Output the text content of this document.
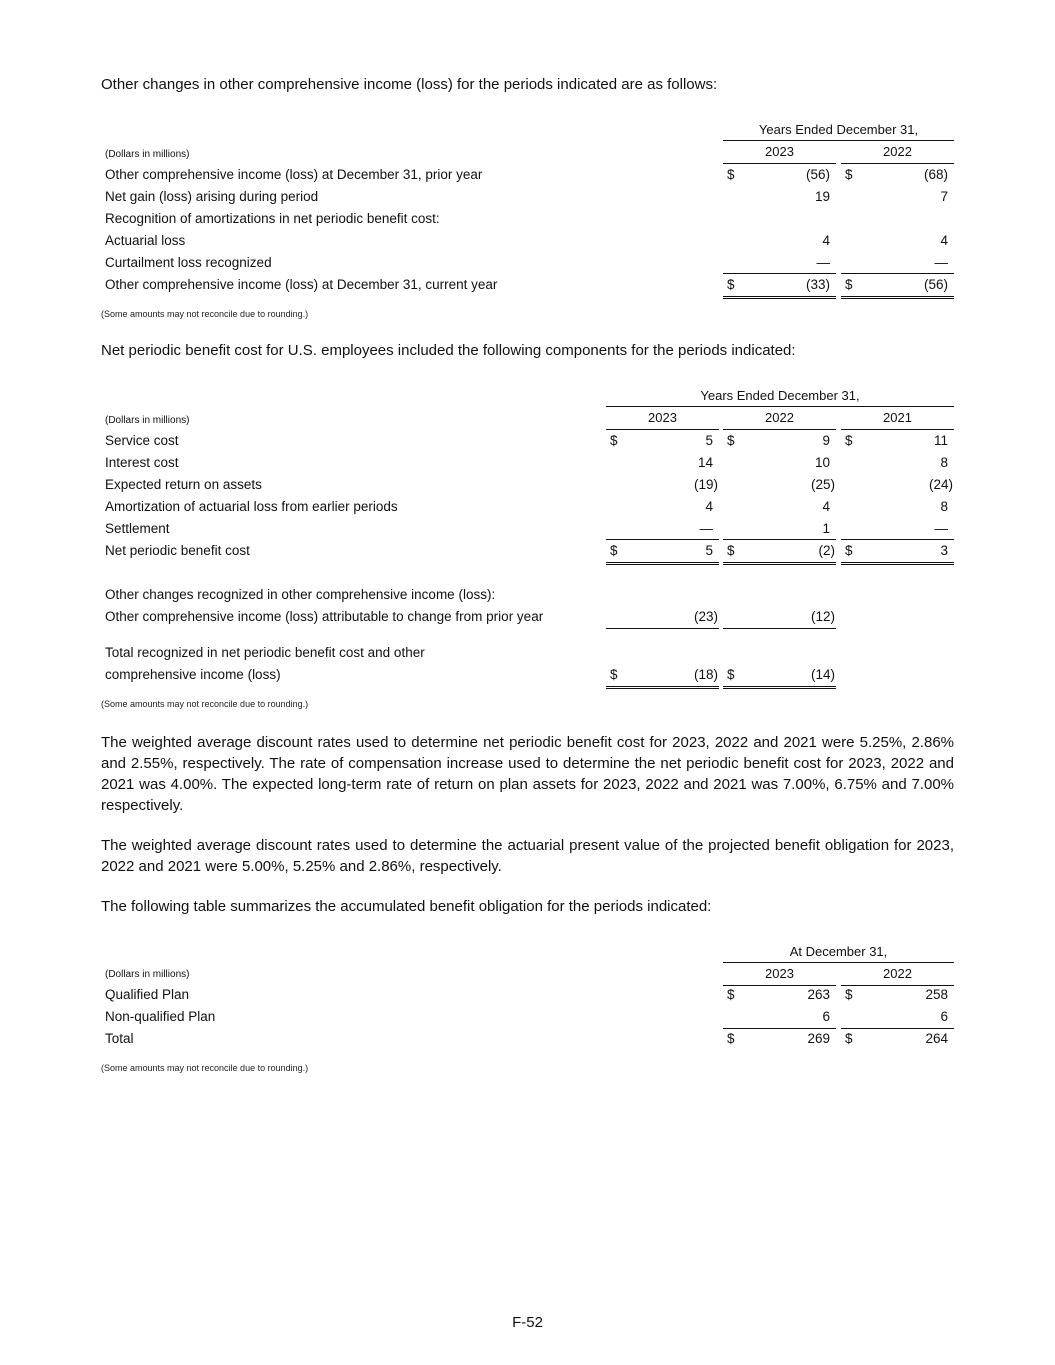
Other changes in other comprehensive income (loss) for the periods indicated are as follows:
Years Ended December 31,
(Dollars in millions)	2023	2022
Other comprehensive income (loss) at December 31, prior year	$	(56) $	(68)
Net gain (loss) arising during period	19	7
Recognition of amortizations in net periodic benefit cost:
Actuarial loss	4	4
Curtailment loss recognized	—	—
Other comprehensive income (loss) at December 31, current year	$	(33) $	(56)
(Some amounts may not reconcile due to rounding.)
Net periodic benefit cost for U.S. employees included the following components for the periods indicated:
Years Ended December 31,
(Dollars in millions)	2023	2022	2021
Service cost	$	5 $	9 $	11
Interest cost	14	10	8
Expected return on assets	(19)	(25)	(24)
Amortization of actuarial loss from earlier periods	4	4	8
Settlement	—	1	—
Net periodic benefit cost	$	5 $	(2) $	3
Other changes recognized in other comprehensive income (loss):
Other comprehensive income (loss) attributable to change from prior year	(23)	(12)
Total recognized in net periodic benefit cost and other
comprehensive income (loss)	$	(18) $	(14)
(Some amounts may not reconcile due to rounding.)
The weighted average discount rates used to determine net periodic benefit cost for 2023, 2022 and 2021 were 5.25%, 2.86% and 2.55%, respectively. The rate of compensation increase used to determine the net periodic benefit cost for 2023, 2022 and 2021 was 4.00%. The expected long-term rate of return on plan assets for 2023, 2022 and 2021 was 7.00%, 6.75% and 7.00% respectively.
The weighted average discount rates used to determine the actuarial present value of the projected benefit obligation for 2023, 2022 and 2021 were 5.00%, 5.25% and 2.86%, respectively.
The following table summarizes the accumulated benefit obligation for the periods indicated:
At December 31,
(Dollars in millions)	2023	2022
Qualified Plan	$	263 $	258
Non-qualified Plan	6	6
Total	$	269 $	264
(Some amounts may not reconcile due to rounding.)
F-52
